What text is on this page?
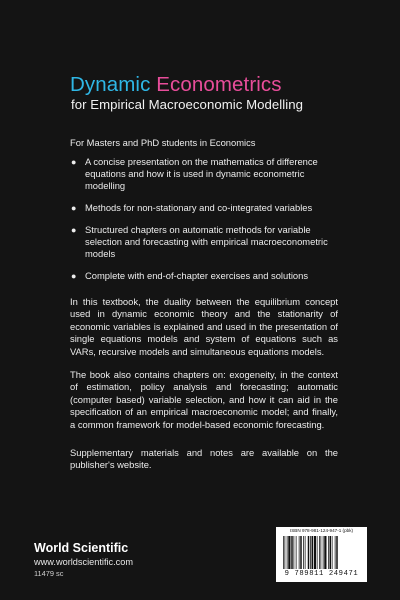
Dynamic Econometrics
for Empirical Macroeconomic Modelling
For Masters and PhD students in Economics
● A concise presentation on the mathematics of difference equations and how it is used in dynamic econometric modelling
● Methods for non-stationary and co-integrated variables
● Structured chapters on automatic methods for variable selection and forecasting with empirical macroeconometric models
● Complete with end-of-chapter exercises and solutions
In this textbook, the duality between the equilibrium concept used in dynamic economic theory and the stationarity of economic variables is explained and used in the presentation of single equations models and system of equations such as VARs, recursive models and simultaneous equations models.
The book also contains chapters on: exogeneity, in the context of estimation, policy analysis and forecasting; automatic (computer based) variable selection, and how it can aid in the specification of an empirical macroeconomic model; and finally, a common framework for model-based economic forecasting.
Supplementary materials and notes are available on the publisher's website.
World Scientific
www.worldscientific.com
11479 sc
ISBN 978-981-124-947-1 (pbk)
9 789811 249471
